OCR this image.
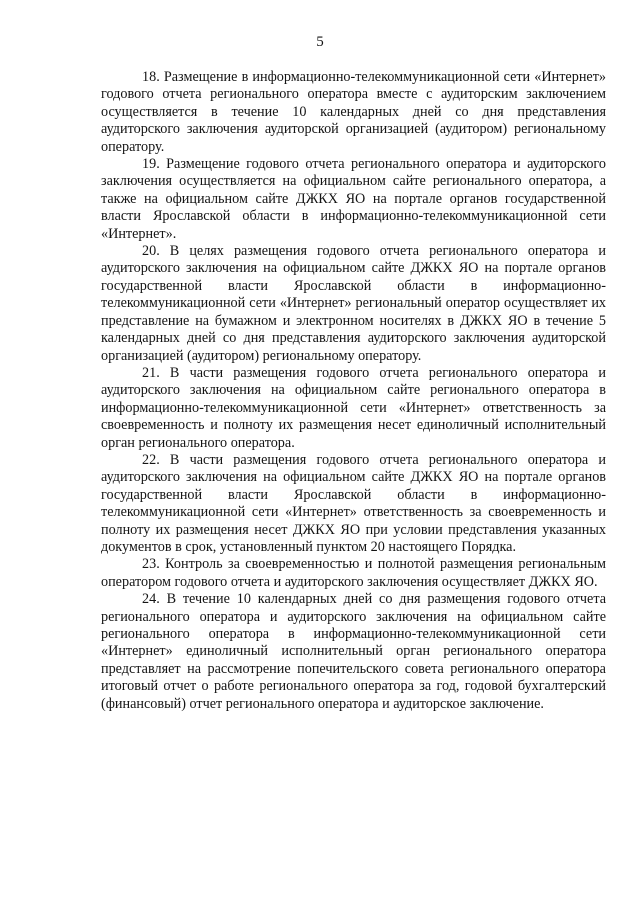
5

18. Размещение в информационно-телекоммуникационной сети «Интернет» годового отчета регионального оператора вместе с аудиторским заключением осуществляется в течение 10 календарных дней со дня представления аудиторского заключения аудиторской организацией (аудитором) региональному оператору.

19. Размещение годового отчета регионального оператора и аудиторского заключения осуществляется на официальном сайте регионального оператора, а также на официальном сайте ДЖКХ ЯО на портале органов государственной власти Ярославской области в информационно-телекоммуникационной сети «Интернет».

20. В целях размещения годового отчета регионального оператора и аудиторского заключения на официальном сайте ДЖКХ ЯО на портале органов государственной власти Ярославской области в информационно-телекоммуникационной сети «Интернет» региональный оператор осуществляет их представление на бумажном и электронном носителях в ДЖКХ ЯО в течение 5 календарных дней со дня представления аудиторского заключения аудиторской организацией (аудитором) региональному оператору.

21. В части размещения годового отчета регионального оператора и аудиторского заключения на официальном сайте регионального оператора в информационно-телекоммуникационной сети «Интернет» ответственность за своевременность и полноту их размещения несет единоличный исполнительный орган регионального оператора.

22. В части размещения годового отчета регионального оператора и аудиторского заключения на официальном сайте ДЖКХ ЯО на портале органов государственной власти Ярославской области в информационно-телекоммуникационной сети «Интернет» ответственность за своевременность и полноту их размещения несет ДЖКХ ЯО при условии представления указанных документов в срок, установленный пунктом 20 настоящего Порядка.

23. Контроль за своевременностью и полнотой размещения региональным оператором годового отчета и аудиторского заключения осуществляет ДЖКХ ЯО.

24. В течение 10 календарных дней со дня размещения годового отчета регионального оператора и аудиторского заключения на официальном сайте регионального оператора в информационно-телекоммуникационной сети «Интернет» единоличный исполнительный орган регионального оператора представляет на рассмотрение попечительского совета регионального оператора итоговый отчет о работе регионального оператора за год, годовой бухгалтерский (финансовый) отчет регионального оператора и аудиторское заключение.
